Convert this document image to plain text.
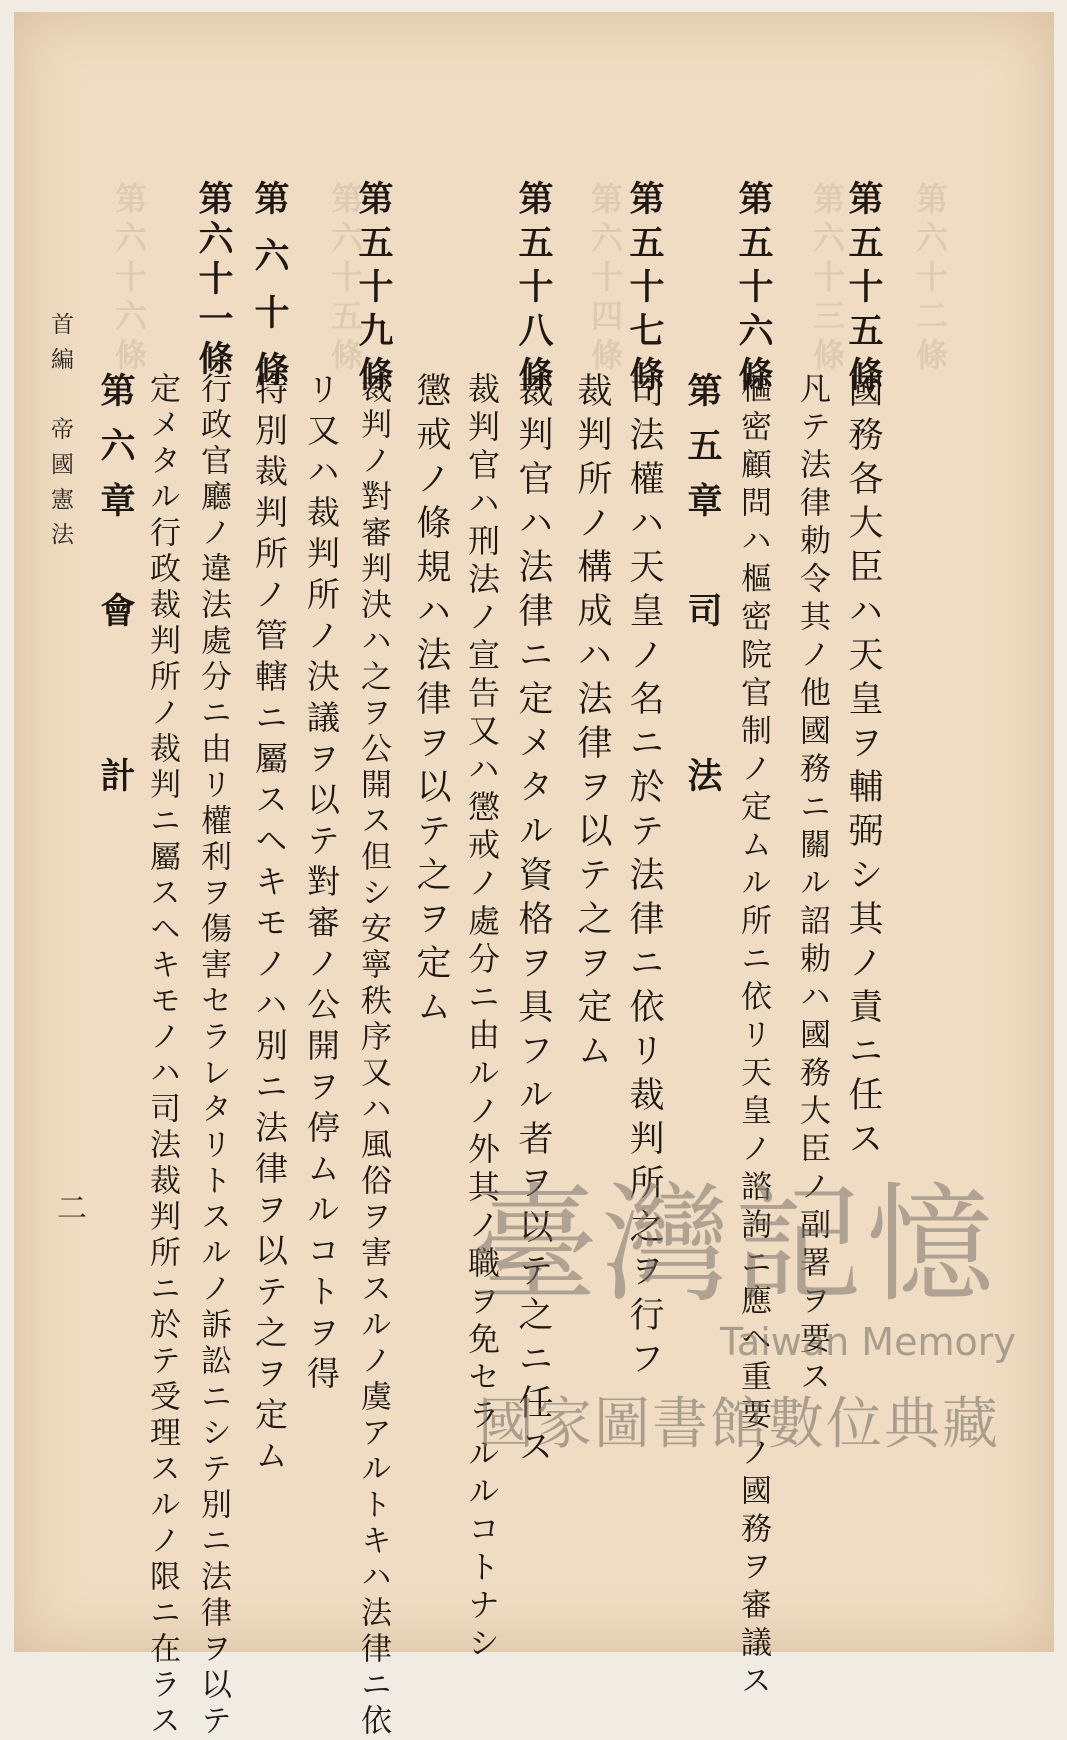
第六十二條
第六十三條
第六十四條
第六十五條
第六十六條	第五十五條
國務各大臣ハ天皇ヲ輔弼シ其ノ責ニ任ス
凡テ法律勅令其ノ他國務ニ關ル詔勅ハ國務大臣ノ副署ヲ要ス
第五十六條
樞密顧問ハ樞密院官制ノ定ムル所ニ依リ天皇ノ諮詢ニ應ヘ重要ノ國務ヲ審議ス
第五章　司　　法
第五十七條
司法權ハ天皇ノ名ニ於テ法律ニ依リ裁判所之ヲ行フ
裁判所ノ構成ハ法律ヲ以テ之ヲ定ム
第五十八條
裁判官ハ法律ニ定メタル資格ヲ具フル者ヲ以テ之ニ任ス
裁判官ハ刑法ノ宣告又ハ懲戒ノ處分ニ由ルノ外其ノ職ヲ免セラルルコトナシ
懲戒ノ條規ハ法律ヲ以テ之ヲ定ム
第五十九條
裁判ノ對審判決ハ之ヲ公開ス但シ安寧秩序又ハ風俗ヲ害スルノ虞アルトキハ法律ニ依
リ又ハ裁判所ノ決議ヲ以テ對審ノ公開ヲ停ムルコトヲ得
第六十條
特別裁判所ノ管轄ニ屬スヘキモノハ別ニ法律ヲ以テ之ヲ定ム
第六十一條
行政官廳ノ違法處分ニ由リ權利ヲ傷害セラレタリトスルノ訴訟ニシテ別ニ法律ヲ以テ
定メタル行政裁判所ノ裁判ニ屬スヘキモノハ司法裁判所ニ於テ受理スルノ限ニ在ラス
第六章　會　　計
首編　帝國憲法
二	臺灣記憶
Taiwan Memory
國家圖書館數位典藏
